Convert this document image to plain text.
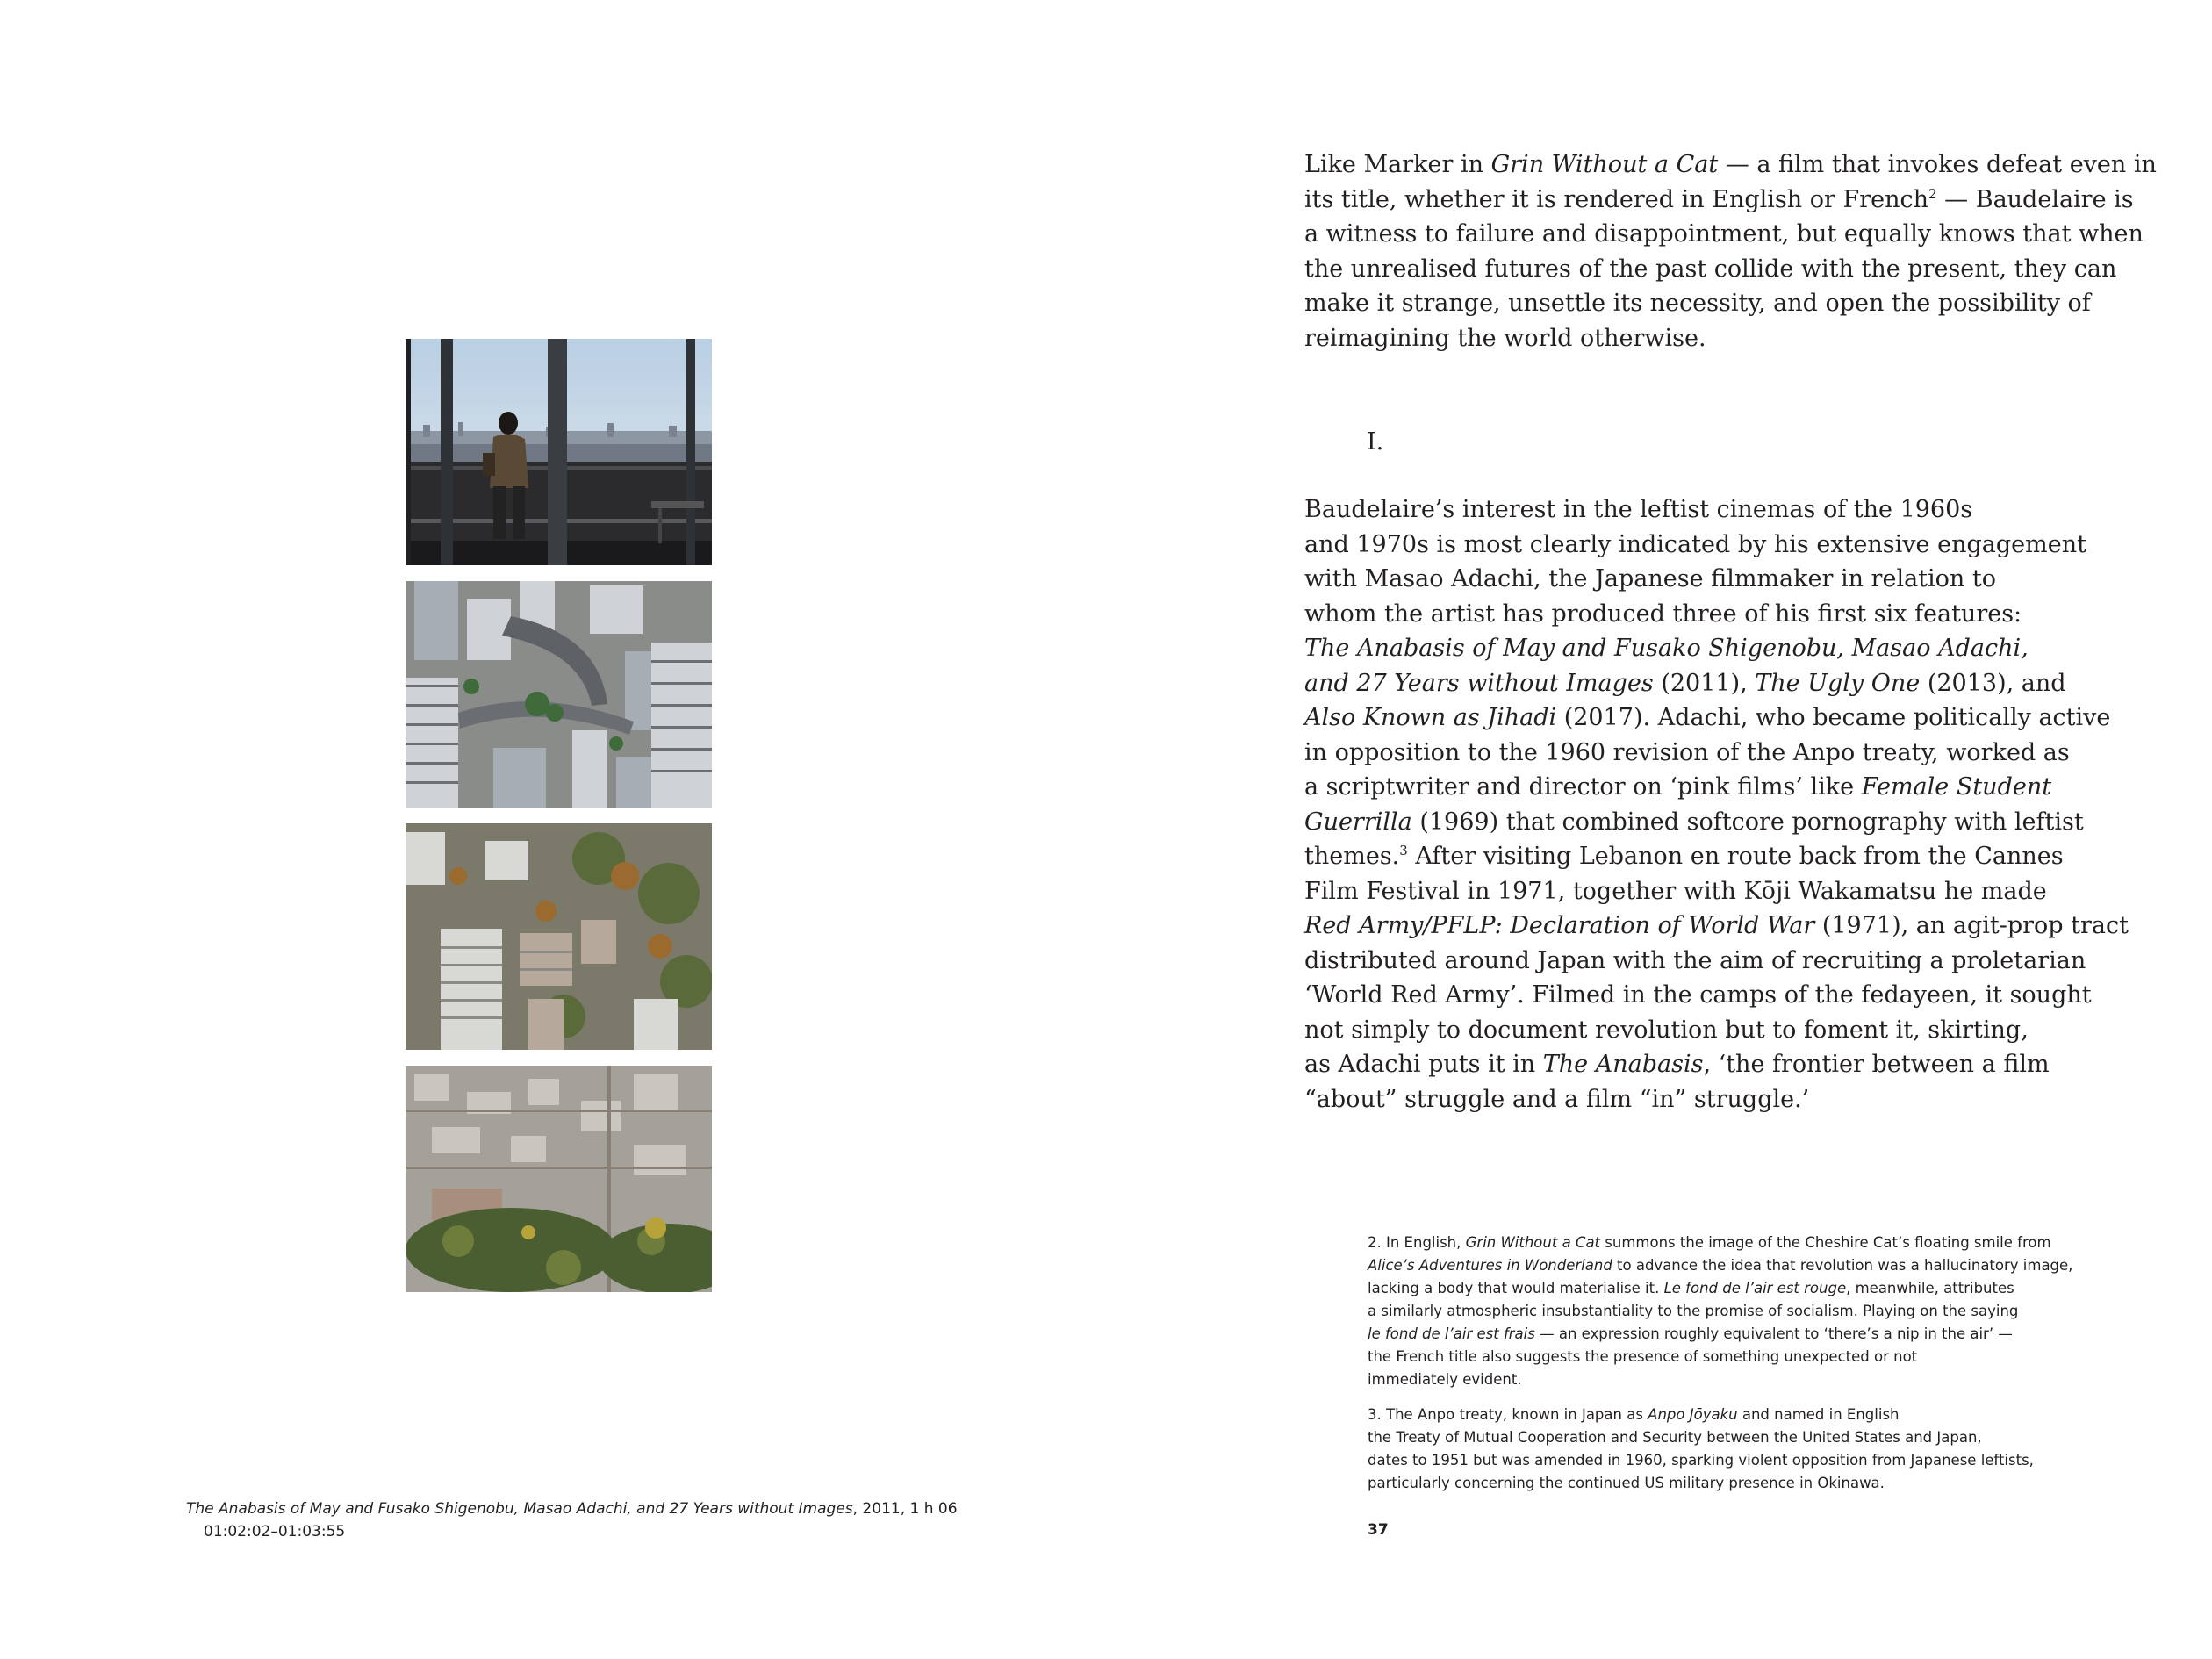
The Anabasis of May and Fusako Shigenobu, Masao Adachi, and 27 Years without Images, 2011, 1 h 06
01:02:02–01:03:55
Like Marker in Grin Without a Cat — a film that invokes defeat even in
its title, whether it is rendered in English or French$^2$ — Baudelaire is
a witness to failure and disappointment, but equally knows that when
the unrealised futures of the past collide with the present, they can
make it strange, unsettle its necessity, and open the possibility of
reimagining the world otherwise.
I.
Baudelaire’s interest in the leftist cinemas of the 1960s
and 1970s is most clearly indicated by his extensive engagement
with Masao Adachi, the Japanese filmmaker in relation to
whom the artist has produced three of his first six features:
The Anabasis of May and Fusako Shigenobu, Masao Adachi,
and 27 Years without Images (2011), The Ugly One (2013), and
Also Known as Jihadi (2017). Adachi, who became politically active
in opposition to the 1960 revision of the Anpo treaty, worked as
a scriptwriter and director on ‘pink films’ like Female Student
Guerrilla (1969) that combined softcore pornography with leftist
themes.$^3$ After visiting Lebanon en route back from the Cannes
Film Festival in 1971, together with Kōji Wakamatsu he made
Red Army/PFLP: Declaration of World War (1971), an agit-prop tract
distributed around Japan with the aim of recruiting a proletarian
‘World Red Army’. Filmed in the camps of the fedayeen, it sought
not simply to document revolution but to foment it, skirting,
as Adachi puts it in The Anabasis, ‘the frontier between a film
“about” struggle and a film “in” struggle.’
2. In English, Grin Without a Cat summons the image of the Cheshire Cat’s floating smile from
Alice’s Adventures in Wonderland to advance the idea that revolution was a hallucinatory image,
lacking a body that would materialise it. Le fond de l’air est rouge, meanwhile, attributes
a similarly atmospheric insubstantiality to the promise of socialism. Playing on the saying
le fond de l’air est frais — an expression roughly equivalent to ‘there’s a nip in the air’ —
the French title also suggests the presence of something unexpected or not
immediately evident.
3. The Anpo treaty, known in Japan as Anpo Jōyaku and named in English
the Treaty of Mutual Cooperation and Security between the United States and Japan,
dates to 1951 but was amended in 1960, sparking violent opposition from Japanese leftists,
particularly concerning the continued US military presence in Okinawa.
37
